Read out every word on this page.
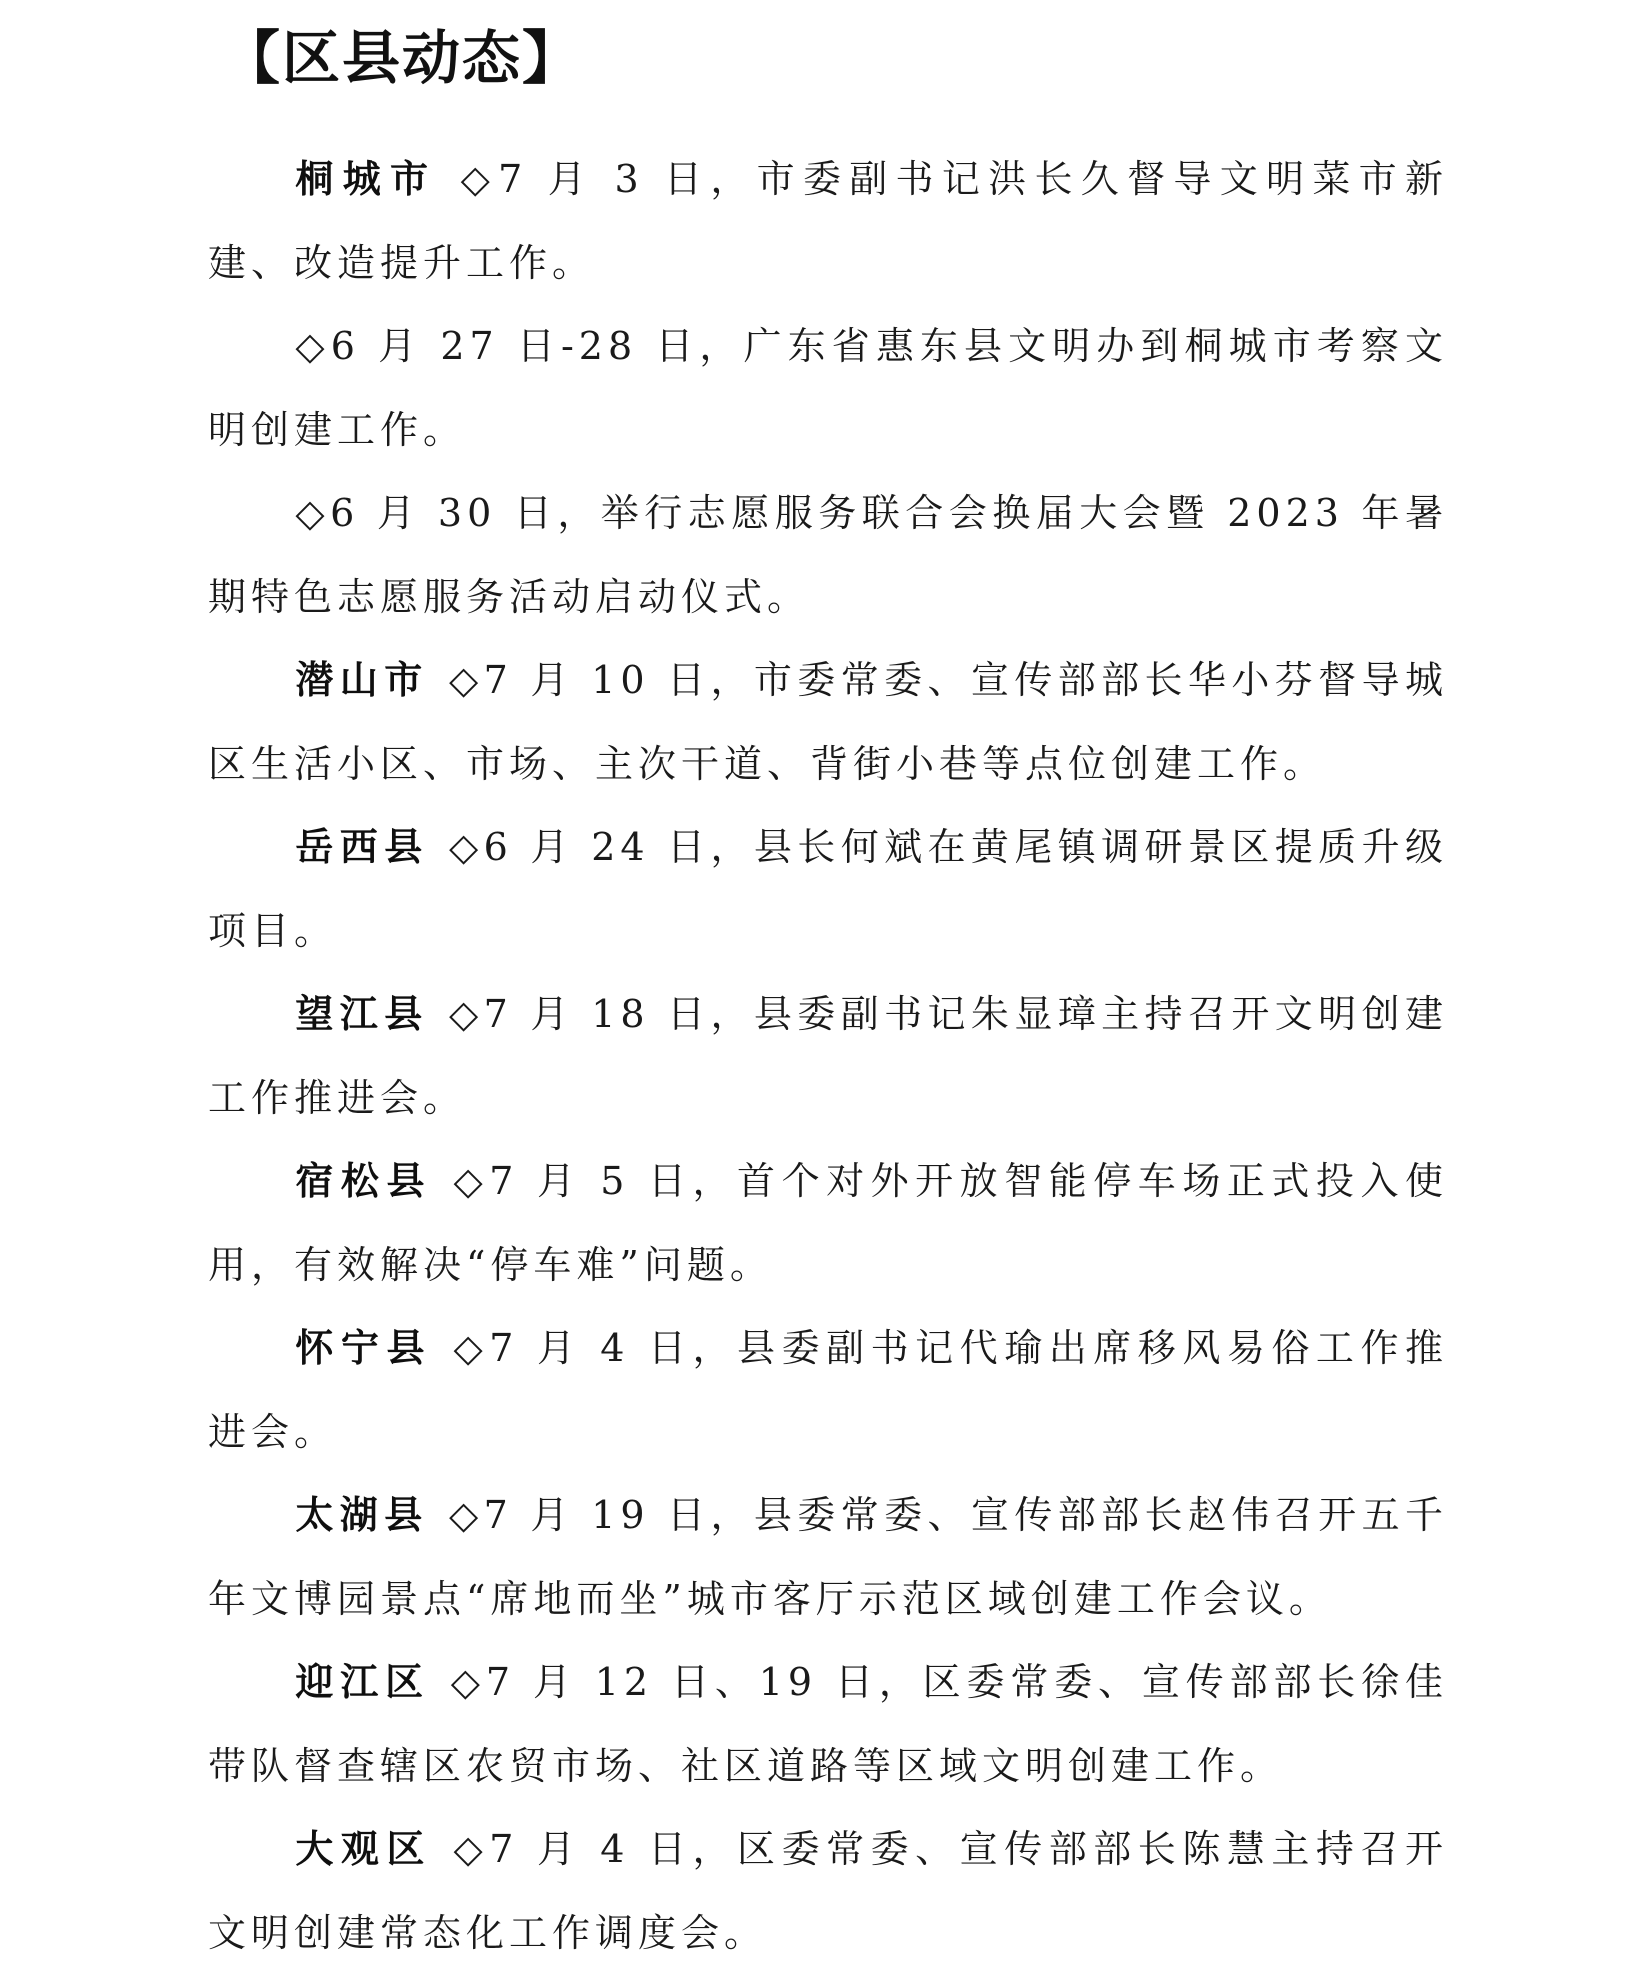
【区县动态】

桐城市 ◇7 月 3 日，市委副书记洪长久督导文明菜市新建、改造提升工作。

◇6 月 27 日-28 日，广东省惠东县文明办到桐城市考察文明创建工作。

◇6 月 30 日，举行志愿服务联合会换届大会暨 2023 年暑期特色志愿服务活动启动仪式。

潜山市 ◇7 月 10 日，市委常委、宣传部部长华小芬督导城区生活小区、市场、主次干道、背街小巷等点位创建工作。

岳西县 ◇6 月 24 日，县长何斌在黄尾镇调研景区提质升级项目。

望江县 ◇7 月 18 日，县委副书记朱显璋主持召开文明创建工作推进会。

宿松县 ◇7 月 5 日，首个对外开放智能停车场正式投入使用，有效解决“停车难”问题。

怀宁县 ◇7 月 4 日，县委副书记代瑜出席移风易俗工作推进会。

太湖县 ◇7 月 19 日，县委常委、宣传部部长赵伟召开五千年文博园景点“席地而坐”城市客厅示范区域创建工作会议。

迎江区 ◇7 月 12 日、19 日，区委常委、宣传部部长徐佳带队督查辖区农贸市场、社区道路等区域文明创建工作。

大观区 ◇7 月 4 日，区委常委、宣传部部长陈慧主持召开文明创建常态化工作调度会。
